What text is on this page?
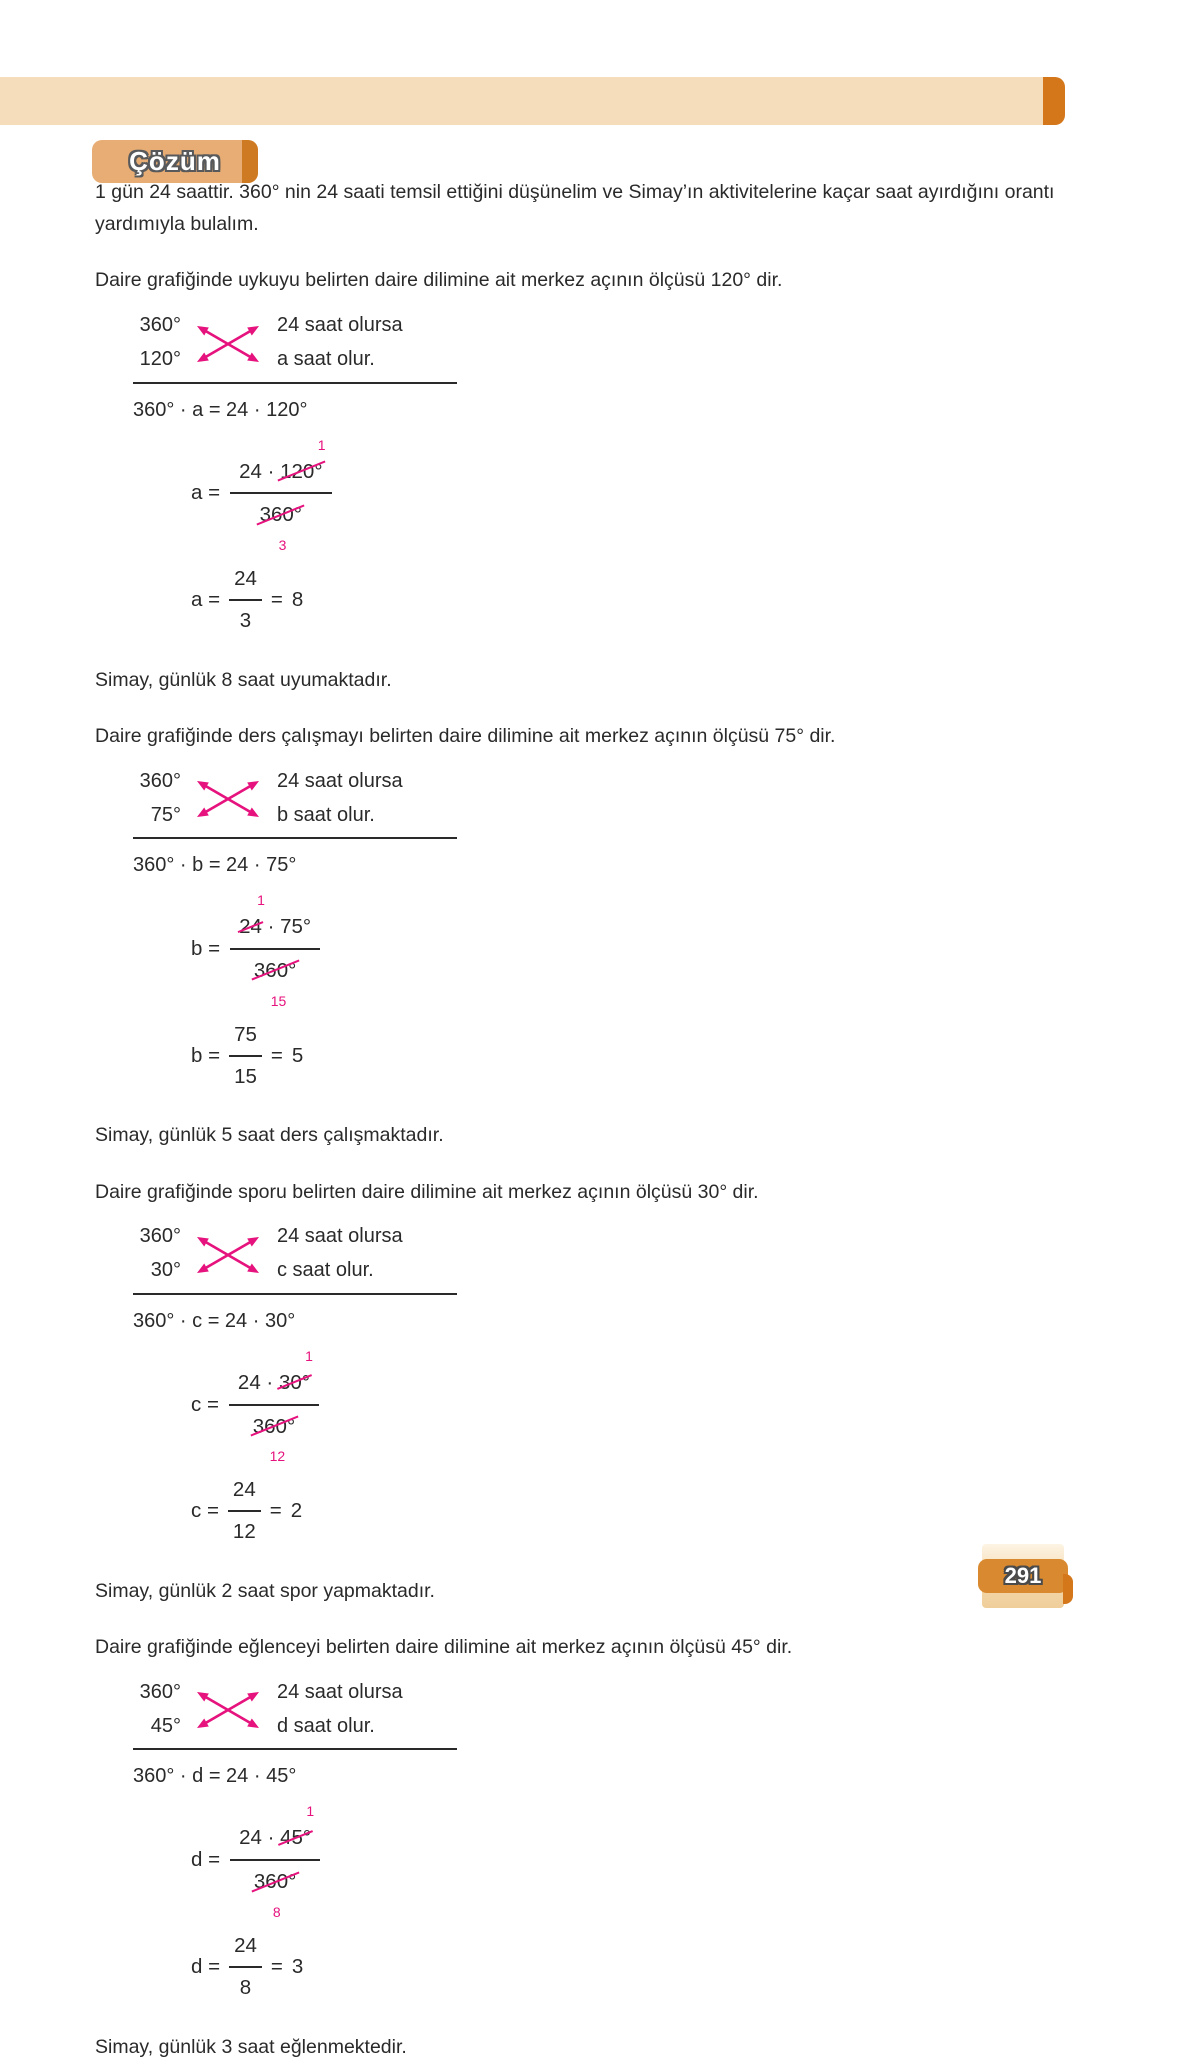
Çözüm

1 gün 24 saattir. 360° nin 24 saati temsil ettiğini düşünelim ve Simay’ın aktivitelerine kaçar saat ayırdığını orantı yardımıyla bulalım.

Daire grafiğinde uykuyu belirten daire dilimine ait merkez açının ölçüsü 120° dir.

360°	24 saat olursa
120°	a saat olur.

360° · a = 24 · 120°

a = 24 · 120°
1
360°
3
$a = \frac{24}{3} = 8$

Simay, günlük 8 saat uyumaktadır.

Daire grafiğinde ders çalışmayı belirten daire dilimine ait merkez açının ölçüsü 75° dir.

360°	24 saat olursa
75°	b saat olur.

360° · b = 24 · 75°

b = 24
1
· 75°
360°
15
$b = \frac{75}{15} = 5$

Simay, günlük 5 saat ders çalışmaktadır.

Daire grafiğinde sporu belirten daire dilimine ait merkez açının ölçüsü 30° dir.

360°	24 saat olursa
30°	c saat olur.

360° · c = 24 · 30°

c = 24 · 30°
1
360°
12
$c = \frac{24}{12} = 2$

Simay, günlük 2 saat spor yapmaktadır.

Daire grafiğinde eğlenceyi belirten daire dilimine ait merkez açının ölçüsü 45° dir.

360°	24 saat olursa
45°	d saat olur.

360° · d = 24 · 45°

d = 24 · 45°
1
360°
8
$d = \frac{24}{8} = 3$

Simay, günlük 3 saat eğlenmektedir.

291
